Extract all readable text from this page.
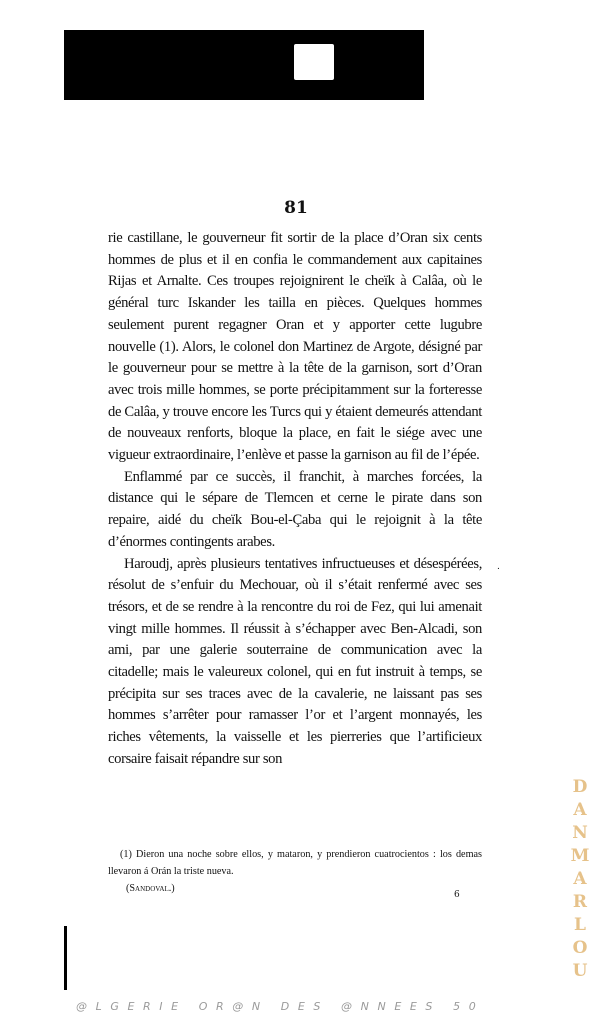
81

rie castillane, le gouverneur fit sortir de la place d’Oran six cents hommes de plus et il en confia le commandement aux capitaines Rijas et Arnalte. Ces troupes rejoignirent le cheïk à Calâa, où le général turc Iskander les tailla en pièces. Quelques hommes seulement purent regagner Oran et y apporter cette lugubre nouvelle (1). Alors, le colonel don Martinez de Argote, désigné par le gouverneur pour se mettre à la tête de la garnison, sort d’Oran avec trois mille hommes, se porte précipitamment sur la forteresse de Calâa, y trouve encore les Turcs qui y étaient demeurés attendant de nouveaux renforts, bloque la place, en fait le siége avec une vigueur extraordinaire, l’enlève et passe la garnison au fil de l’épée.

Enflammé par ce succès, il franchit, à marches forcées, la distance qui le sépare de Tlemcen et cerne le pirate dans son repaire, aidé du cheïk Bou-el-Çaba qui le rejoignit à la tête d’énormes contingents arabes.

Haroudj, après plusieurs tentatives infructueuses et désespérées, résolut de s’enfuir du Mechouar, où il s’était renfermé avec ses trésors, et de se rendre à la rencontre du roi de Fez, qui lui amenait vingt mille hommes. Il réussit à s’échapper avec Ben-Alcadi, son ami, par une galerie souterraine de communication avec la citadelle; mais le valeureux colonel, qui en fut instruit à temps, se précipita sur ses traces avec de la cavalerie, ne laissant pas ses hommes s’arrêter pour ramasser l’or et l’argent monnayés, les riches vêtements, la vaisselle et les pierreries que l’artificieux corsaire faisait répandre sur son

(1) Dieron una noche sobre ellos, y mataron, y prendieron cuatrocientos : los demas llevaron á Orán la triste nueva.
(Sandoval.)
6
.
D
A
N
M
A
R
L
O
U
@LGERIE OR@N DES @NNEES 50
